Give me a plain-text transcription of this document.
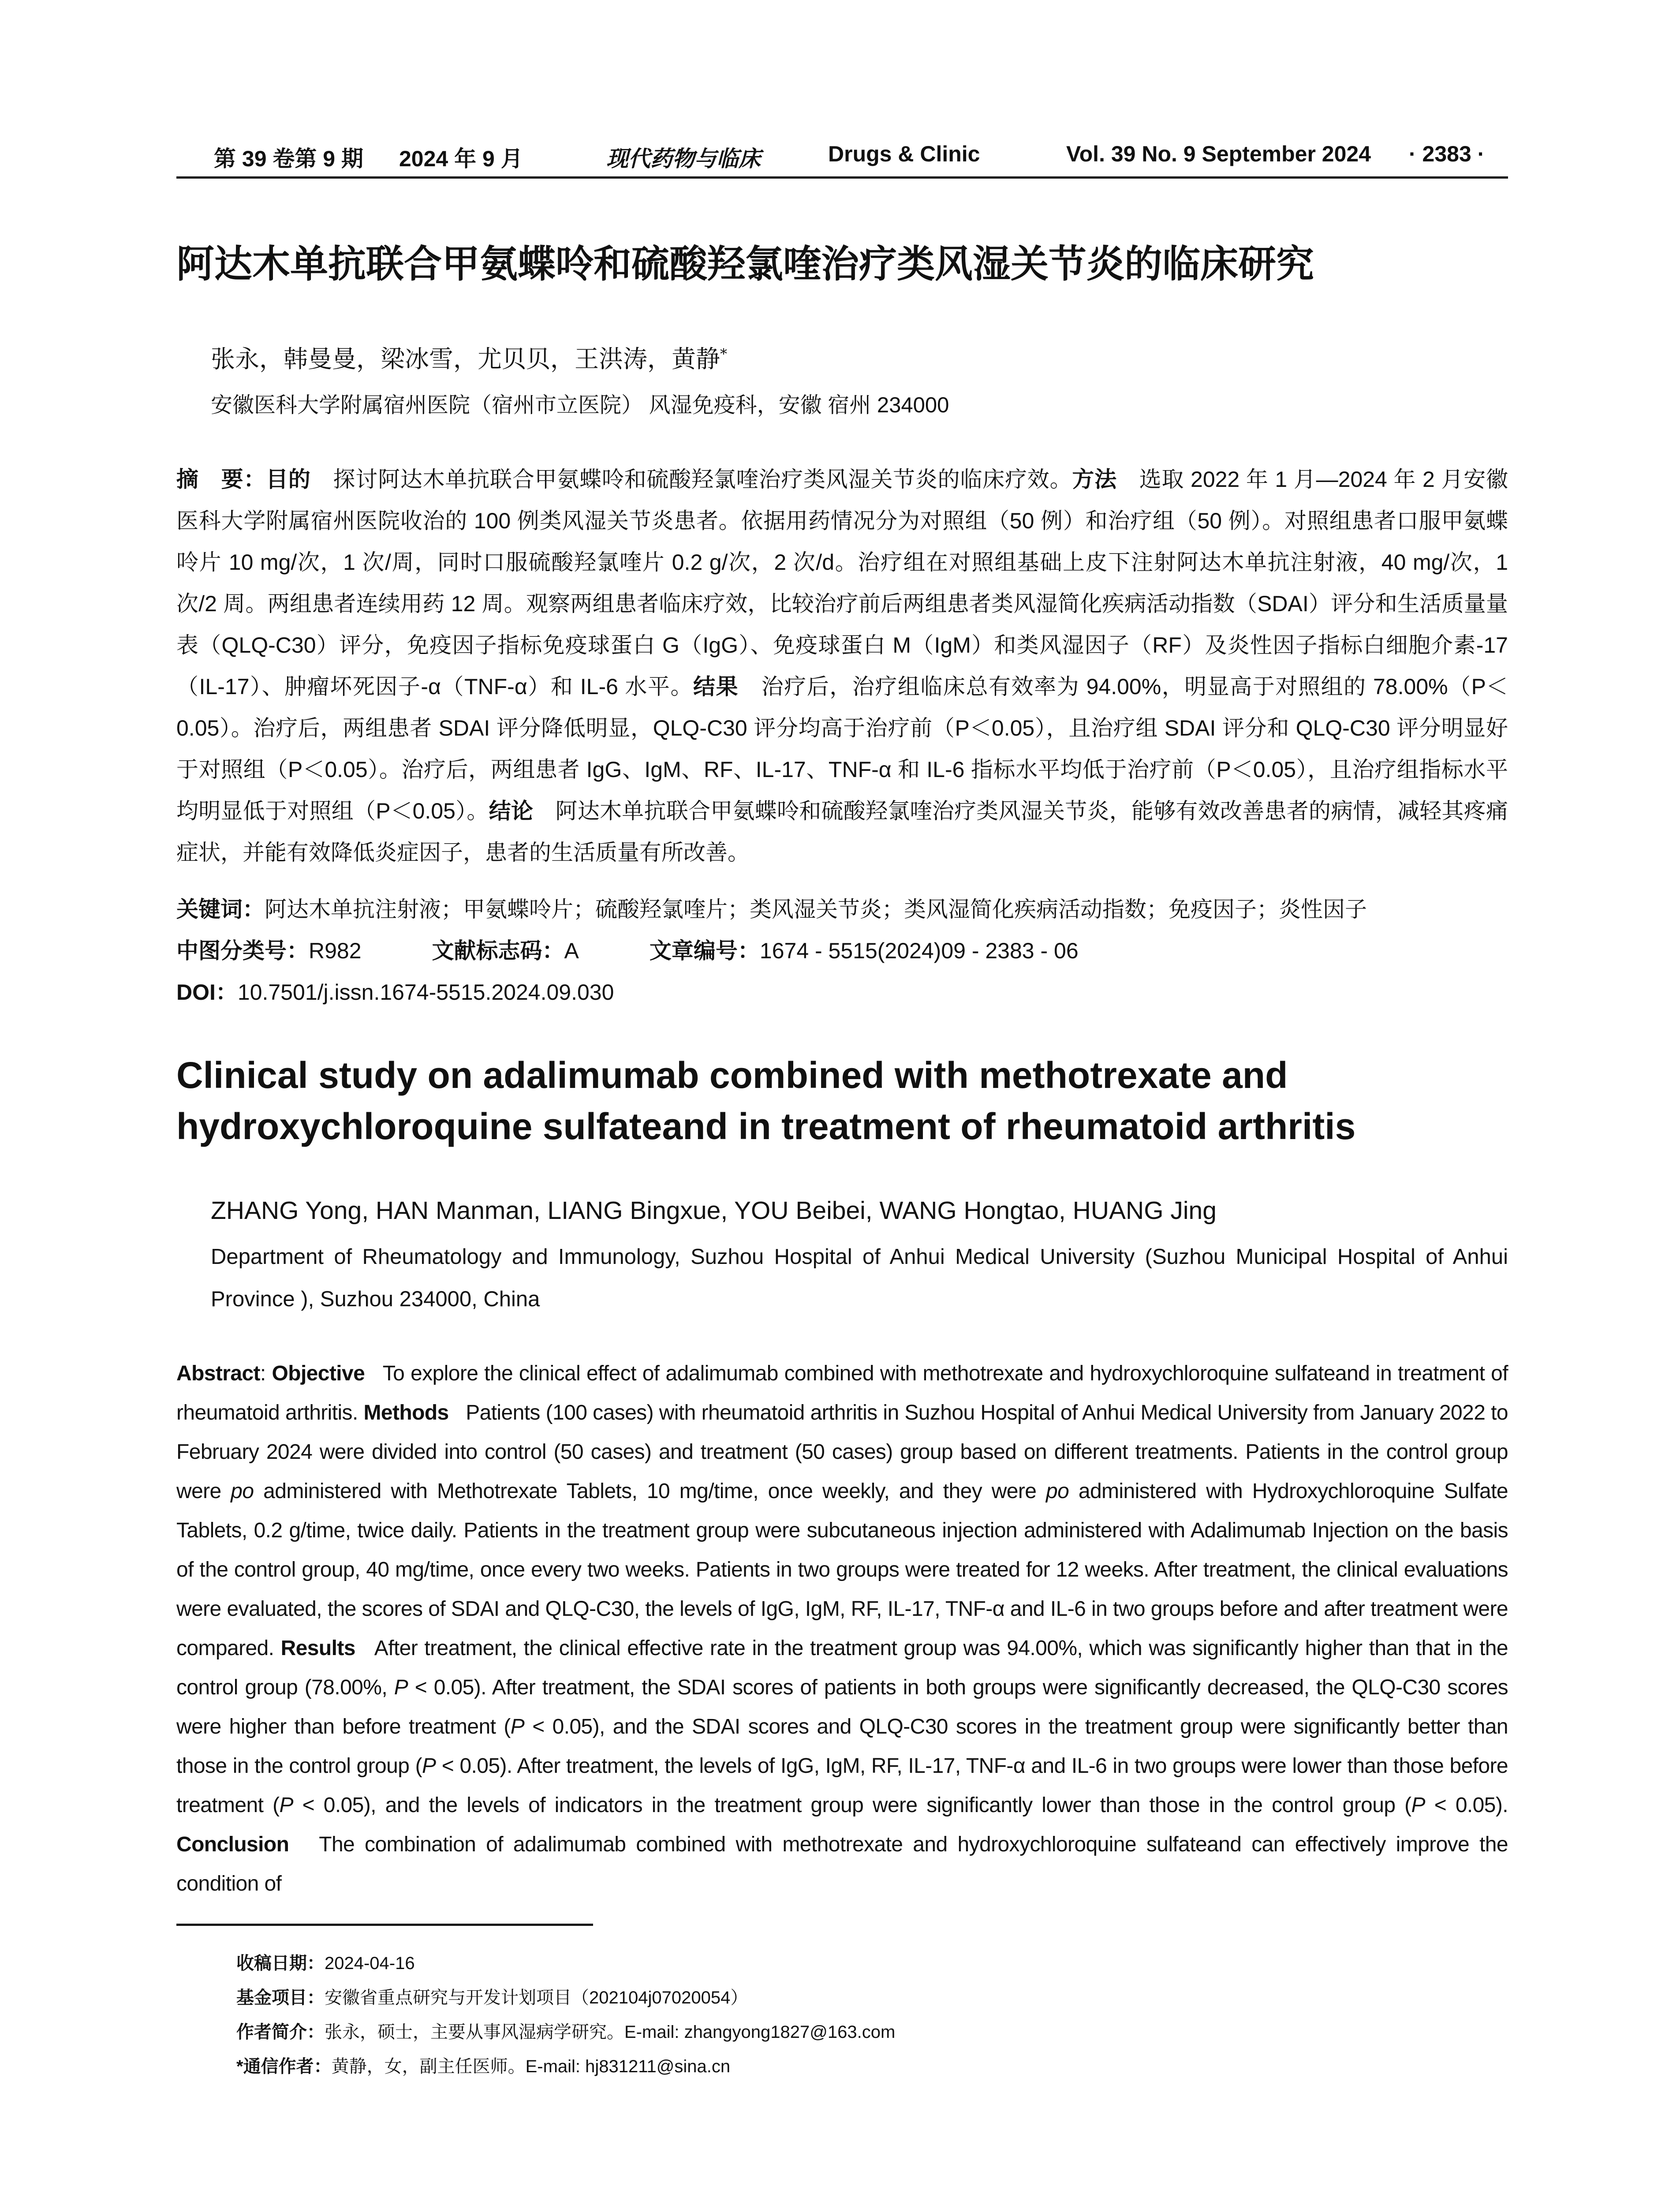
第 39 卷第 9 期 2024 年 9 月	现代药物与临床	Drugs & Clinic	Vol. 39 No. 9 September 2024 · 2383 ·
阿达木单抗联合甲氨蝶呤和硫酸羟氯喹治疗类风湿关节炎的临床研究
张永，韩曼曼，梁冰雪，尤贝贝，王洪涛，黄静*
安徽医科大学附属宿州医院（宿州市立医院） 风湿免疫科，安徽 宿州 234000
摘　要：目的　 探讨阿达木单抗联合甲氨蝶呤和硫酸羟氯喹治疗类风湿关节炎的临床疗效。方法　 选取 2022 年 1 月—2024 年 2 月安徽医科大学附属宿州医院收治的 100 例类风湿关节炎患者。依据用药情况分为对照组（50 例）和治疗组（50 例）。对照组患者口服甲氨蝶呤片 10 mg/次，1 次/周，同时口服硫酸羟氯喹片 0.2 g/次，2 次/d。治疗组在对照组基础上皮下注射阿达木单抗注射液，40 mg/次，1 次/2 周。两组患者连续用药 12 周。观察两组患者临床疗效，比较治疗前后两组患者类风湿简化疾病活动指数（SDAI）评分和生活质量量表（QLQ-C30）评分，免疫因子指标免疫球蛋白 G（IgG）、免疫球蛋白 M（IgM）和类风湿因子（RF）及炎性因子指标白细胞介素-17（IL-17）、肿瘤坏死因子-α（TNF-α）和 IL-6 水平。结果　 治疗后，治疗组临床总有效率为 94.00%，明显高于对照组的 78.00%（P＜0.05）。治疗后，两组患者 SDAI 评分降低明显，QLQ-C30 评分均高于治疗前（P＜0.05），且治疗组 SDAI 评分和 QLQ-C30 评分明显好于对照组（P＜0.05）。治疗后，两组患者 IgG、IgM、RF、IL-17、TNF-α 和 IL-6 指标水平均低于治疗前（P＜0.05），且治疗组指标水平均明显低于对照组（P＜0.05）。结论　 阿达木单抗联合甲氨蝶呤和硫酸羟氯喹治疗类风湿关节炎，能够有效改善患者的病情，减轻其疼痛症状，并能有效降低炎症因子，患者的生活质量有所改善。
关键词：阿达木单抗注射液；甲氨蝶呤片；硫酸羟氯喹片；类风湿关节炎；类风湿简化疾病活动指数；免疫因子；炎性因子
中图分类号：R982	文献标志码：A	文章编号：1674 - 5515(2024)09 - 2383 - 06
DOI：10.7501/j.issn.1674-5515.2024.09.030
Clinical study on adalimumab combined with methotrexate and hydroxychloroquine sulfateand in treatment of rheumatoid arthritis
ZHANG Yong, HAN Manman, LIANG Bingxue, YOU Beibei, WANG Hongtao, HUANG Jing
Department of Rheumatology and Immunology, Suzhou Hospital of Anhui Medical University (Suzhou Municipal Hospital of Anhui Province ), Suzhou 234000, China
Abstract: Objective To explore the clinical effect of adalimumab combined with methotrexate and hydroxychloroquine sulfateand in treatment of rheumatoid arthritis. Methods Patients (100 cases) with rheumatoid arthritis in Suzhou Hospital of Anhui Medical University from January 2022 to February 2024 were divided into control (50 cases) and treatment (50 cases) group based on different treatments. Patients in the control group were po administered with Methotrexate Tablets, 10 mg/time, once weekly, and they were po administered with Hydroxychloroquine Sulfate Tablets, 0.2 g/time, twice daily. Patients in the treatment group were subcutaneous injection administered with Adalimumab Injection on the basis of the control group, 40 mg/time, once every two weeks. Patients in two groups were treated for 12 weeks. After treatment, the clinical evaluations were evaluated, the scores of SDAI and QLQ-C30, the levels of IgG, IgM, RF, IL-17, TNF-α and IL-6 in two groups before and after treatment were compared. Results After treatment, the clinical effective rate in the treatment group was 94.00%, which was significantly higher than that in the control group (78.00%, P < 0.05). After treatment, the SDAI scores of patients in both groups were significantly decreased, the QLQ-C30 scores were higher than before treatment (P < 0.05), and the SDAI scores and QLQ-C30 scores in the treatment group were significantly better than those in the control group (P < 0.05). After treatment, the levels of IgG, IgM, RF, IL-17, TNF-α and IL-6 in two groups were lower than those before treatment (P < 0.05), and the levels of indicators in the treatment group were significantly lower than those in the control group (P < 0.05). Conclusion The combination of adalimumab combined with methotrexate and hydroxychloroquine sulfateand can effectively improve the condition of
收稿日期：2024-04-16
基金项目：安徽省重点研究与开发计划项目（202104j07020054）
作者简介：张永，硕士，主要从事风湿病学研究。E-mail: zhangyong1827@163.com
*通信作者：黄静，女，副主任医师。E-mail: hj831211@sina.cn
